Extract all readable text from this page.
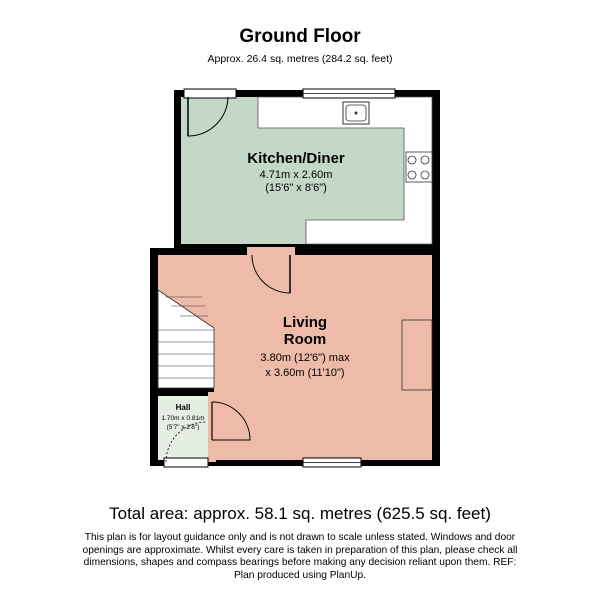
Ground Floor
Approx. 26.4 sq. metres (284.2 sq. feet)
Kitchen/Diner
4.71m x 2.60m
(15'6" x 8'6")
Living
Room
3.80m (12'6") max
x 3.60m (11'10")
Hall
1.70m x 0.81m
(5'7" x 2'8")
Total area: approx. 58.1 sq. metres (625.5 sq. feet)
This plan is for layout guidance only and is not drawn to scale unless stated. Windows and door openings are approximate. Whilst every care is taken in preparation of this plan, please check all dimensions, shapes and compass bearings before making any decision reliant upon them. REF: Plan produced using PlanUp.
